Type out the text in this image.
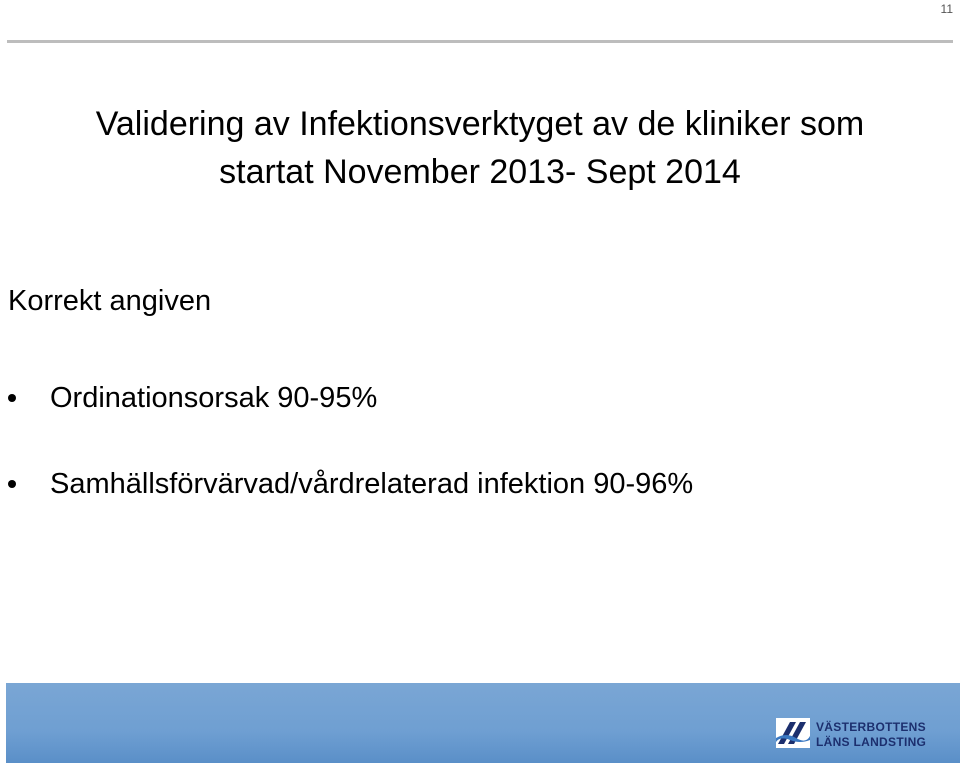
11
Validering av Infektionsverktyget av de kliniker som
startat November 2013- Sept 2014
Korrekt angiven
Ordinationsorsak 90-95%
Samhällsförvärvad/vårdrelaterad infektion 90-96%
VÄSTERBOTTENS
LÄNS LANDSTING
